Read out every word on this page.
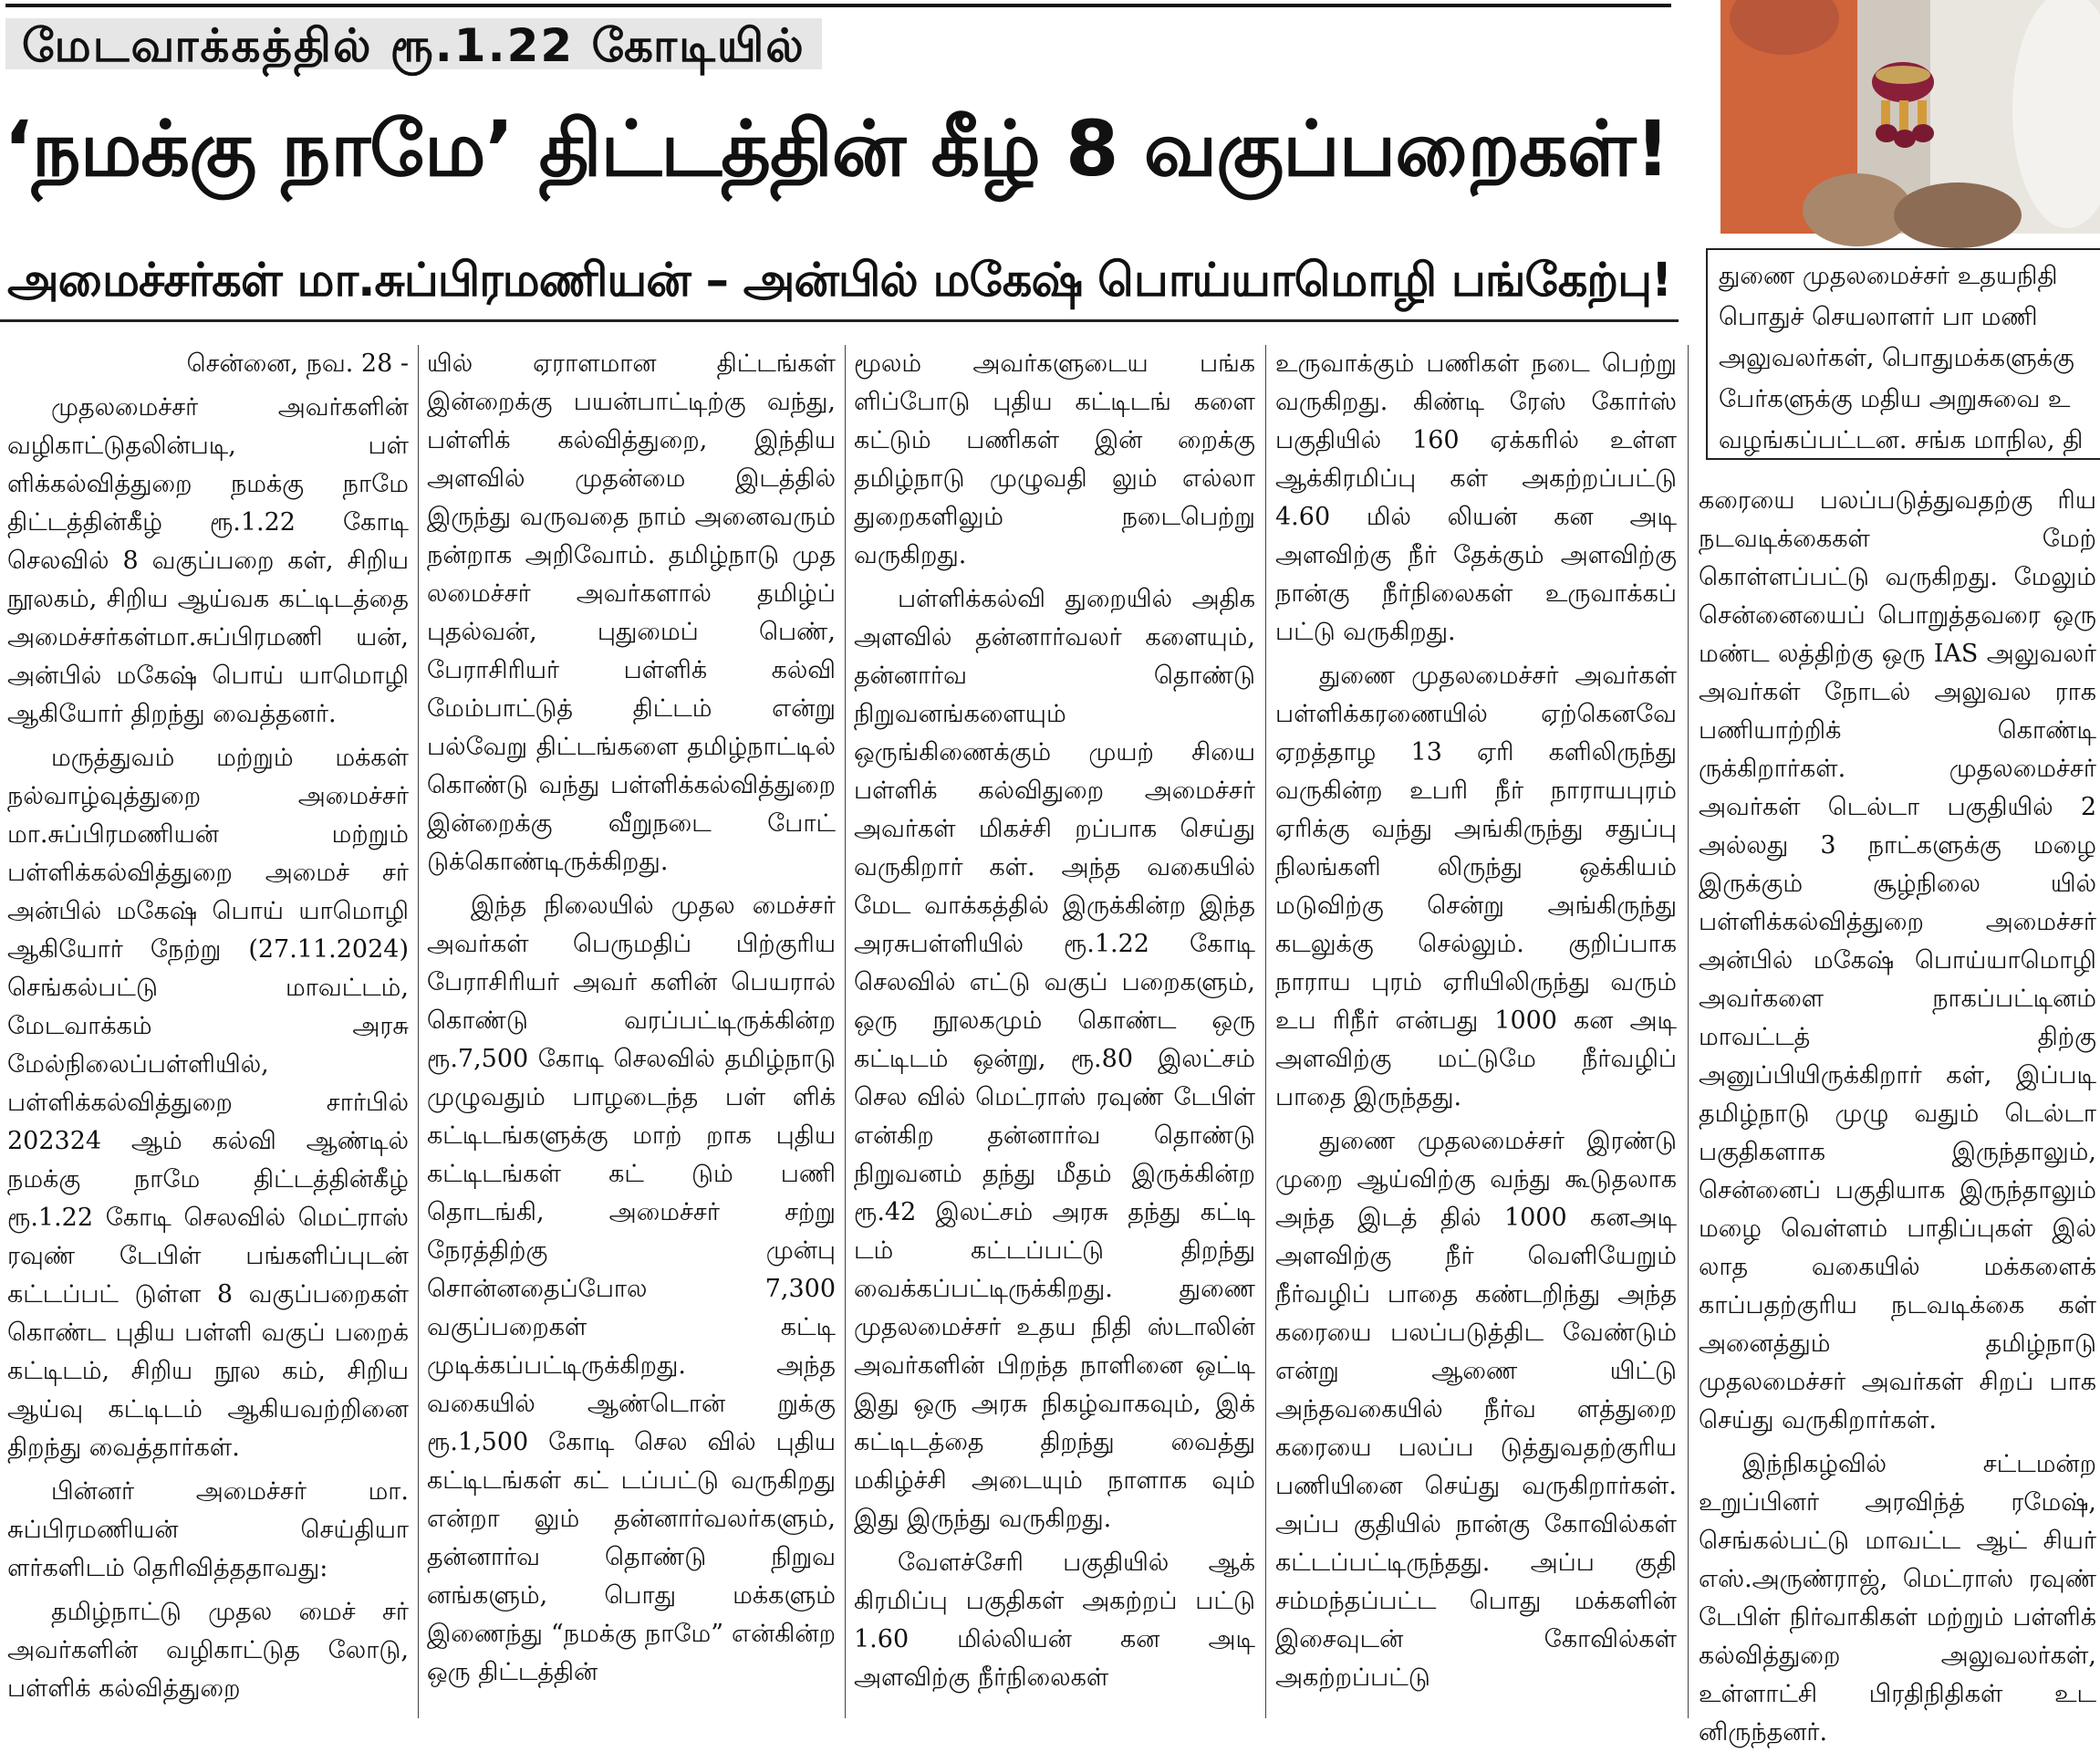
துணை முதலமைச்சர் உதயநிதி
பொதுச் செயலாளர் பா மணி
அலுவலர்கள், பொதுமக்களுக்கு
பேர்களுக்கு மதிய அறுசுவை உ
வழங்கப்பட்டன. சங்க மாநில, தி
மேடவாக்கத்தில் ரூ.1.22 கோடியில்
‘நமக்கு நாமே’ திட்டத்தின் கீழ் 8 வகுப்பறைகள்!
அமைச்சர்கள் மா.சுப்பிரமணியன் – அன்பில் மகேஷ் பொய்யாமொழி பங்கேற்பு!

சென்னை, நவ. 28 -

முதலமைச்சர் அவர்களின் வழிகாட்டுதலின்படி, பள் ளிக்கல்வித்துறை நமக்கு நாமே திட்டத்தின்கீழ் ரூ.1.22 கோடி செலவில் 8 வகுப்பறை கள், சிறிய நூலகம், சிறிய ஆய்வக கட்டிடத்தை அமைச்சர்கள்மா.சுப்பிரமணி யன், அன்பில் மகேஷ் பொய் யாமொழி ஆகியோர் திறந்து வைத்தனர்.

மருத்துவம் மற்றும் மக்கள் நல்வாழ்வுத்துறை அமைச்சர் மா.சுப்பிரமணியன் மற்றும் பள்ளிக்கல்வித்துறை அமைச் சர் அன்பில் மகேஷ் பொய் யாமொழி ஆகியோர் நேற்று (27.11.2024) செங்கல்பட்டு மாவட்டம், மேடவாக்கம் அரசு மேல்நிலைப்பள்ளியில், பள்ளிக்கல்வித்துறை சார்பில் 202324 ஆம் கல்வி ஆண்டில் நமக்கு நாமே திட்டத்தின்கீழ் ரூ.1.22 கோடி செலவில் மெட்ராஸ் ரவுண் டேபிள் பங்களிப்புடன் கட்டப்பட் டுள்ள 8 வகுப்பறைகள் கொண்ட புதிய பள்ளி வகுப் பறைக் கட்டிடம், சிறிய நூல கம், சிறிய ஆய்வு கட்டிடம் ஆகியவற்றினை திறந்து வைத்தார்கள்.

பின்னர் அமைச்சர் மா. சுப்பிரமணியன் செய்தியா ளர்களிடம் தெரிவித்ததாவது:

தமிழ்நாட்டு முதல மைச் சர் அவர்களின் வழிகாட்டுத லோடு, பள்ளிக் கல்வித்துறை

யில் ஏராளமான திட்டங்கள் இன்றைக்கு பயன்பாட்டிற்கு வந்து, பள்ளிக் கல்வித்துறை, இந்திய அளவில் முதன்மை இடத்தில் இருந்து வருவதை நாம் அனைவரும் நன்றாக அறிவோம். தமிழ்நாடு முத லமைச்சர் அவர்களால் தமிழ்ப் புதல்வன், புதுமைப் பெண், பேராசிரியர் பள்ளிக் கல்வி மேம்பாட்டுத் திட்டம் என்று பல்வேறு திட்டங்களை தமிழ்நாட்டில் கொண்டு வந்து பள்ளிக்கல்வித்துறை இன்றைக்கு வீறுநடை போட் டுக்கொண்டிருக்கிறது.

இந்த நிலையில் முதல மைச்சர் அவர்கள் பெருமதிப் பிற்குரிய பேராசிரியர் அவர் களின் பெயரால் கொண்டு வரப்பட்டிருக்கின்ற ரூ.7,500 கோடி செலவில் தமிழ்நாடு முழுவதும் பாழடைந்த பள் ளிக் கட்டிடங்களுக்கு மாற் றாக புதிய கட்டிடங்கள் கட் டும் பணி தொடங்கி, அமைச்சர் சற்று நேரத்திற்கு முன்பு சொன்னதைப்போல 7,300 வகுப்பறைகள் கட்டி முடிக்கப்பட்டிருக்கிறது. அந்த வகையில் ஆண்டொன் றுக்கு ரூ.1,500 கோடி செல வில் புதிய கட்டிடங்கள் கட் டப்பட்டு வருகிறது என்றா லும் தன்னார்வலர்களும், தன்னார்வ தொண்டு நிறுவ னங்களும், பொது மக்களும் இணைந்து “நமக்கு நாமே” என்கின்ற ஒரு திட்டத்தின்

மூலம் அவர்களுடைய பங்க ளிப்போடு புதிய கட்டிடங் களை கட்டும் பணிகள் இன் றைக்கு தமிழ்நாடு முழுவதி லும் எல்லா துறைகளிலும் நடைபெற்று வருகிறது.

பள்ளிக்கல்வி துறையில் அதிக அளவில் தன்னார்வலர் களையும், தன்னார்வ தொண்டு நிறுவனங்களையும் ஒருங்கிணைக்கும் முயற் சியை பள்ளிக் கல்விதுறை அமைச்சர் அவர்கள் மிகச்சி றப்பாக செய்து வருகிறார் கள். அந்த வகையில் மேட வாக்கத்தில் இருக்கின்ற இந்த அரசுபள்ளியில் ரூ.1.22 கோடி செலவில் எட்டு வகுப் பறைகளும், ஒரு நூலகமும் கொண்ட ஒரு கட்டிடம் ஒன்று, ரூ.80 இலட்சம் செல வில் மெட்ராஸ் ரவுண் டேபிள் என்கிற தன்னார்வ தொண்டு நிறுவனம் தந்து மீதம் இருக்கின்ற ரூ.42 இலட்சம் அரசு தந்து கட்டி டம் கட்டப்பட்டு திறந்து வைக்கப்பட்டிருக்கிறது. துணை முதலமைச்சர் உதய நிதி ஸ்டாலின் அவர்களின் பிறந்த நாளினை ஒட்டி இது ஒரு அரசு நிகழ்வாகவும், இக் கட்டிடத்தை திறந்து வைத்து மகிழ்ச்சி அடையும் நாளாக வும் இது இருந்து வருகிறது.

வேளச்சேரி பகுதியில் ஆக் கிரமிப்பு பகுதிகள் அகற்றப் பட்டு 1.60 மில்லியன் கன அடி அளவிற்கு நீர்நிலைகள்

உருவாக்கும் பணிகள் நடை பெற்று வருகிறது. கிண்டி ரேஸ் கோர்ஸ் பகுதியில் 160 ஏக்கரில் உள்ள ஆக்கிரமிப்பு கள் அகற்றப்பட்டு 4.60 மில் லியன் கன அடி அளவிற்கு நீர் தேக்கும் அளவிற்கு நான்கு நீர்நிலைகள் உருவாக்கப் பட்டு வருகிறது.

துணை முதலமைச்சர் அவர்கள் பள்ளிக்கரணையில் ஏற்கெனவே ஏறத்தாழ 13 ஏரி களிலிருந்து வருகின்ற உபரி நீர் நாராயபுரம் ஏரிக்கு வந்து அங்கிருந்து சதுப்பு நிலங்களி லிருந்து ஒக்கியம் மடுவிற்கு சென்று அங்கிருந்து கடலுக்கு செல்லும். குறிப்பாக நாராய புரம் ஏரியிலிருந்து வரும் உப ரிநீர் என்பது 1000 கன அடி அளவிற்கு மட்டுமே நீர்வழிப் பாதை இருந்தது.

துணை முதலமைச்சர் இரண்டு முறை ஆய்விற்கு வந்து கூடுதலாக அந்த இடத் தில் 1000 கனஅடி அளவிற்கு நீர் வெளியேறும் நீர்வழிப் பாதை கண்டறிந்து அந்த கரையை பலப்படுத்திட வேண்டும் என்று ஆணை யிட்டு அந்தவகையில் நீர்வ ளத்துறை கரையை பலப்ப டுத்துவதற்குரிய பணியினை செய்து வருகிறார்கள். அப்ப குதியில் நான்கு கோவில்கள் கட்டப்பட்டிருந்தது. அப்ப குதி சம்மந்தப்பட்ட பொது மக்களின் இசைவுடன் கோவில்கள் அகற்றப்பட்டு

கரையை பலப்படுத்துவதற்கு ரிய நடவடிக்கைகள் மேற் கொள்ளப்பட்டு வருகிறது. மேலும் சென்னையைப் பொறுத்தவரை ஒரு மண்ட லத்திற்கு ஒரு IAS அலுவலர் அவர்கள் நோடல் அலுவல ராக பணியாற்றிக் கொண்டி ருக்கிறார்கள். முதலமைச்சர் அவர்கள் டெல்டா பகுதியில் 2 அல்லது 3 நாட்களுக்கு மழை இருக்கும் சூழ்நிலை யில் பள்ளிக்கல்வித்துறை அமைச்சர் அன்பில் மகேஷ் பொய்யாமொழி அவர்களை நாகப்பட்டினம் மாவட்டத் திற்கு அனுப்பியிருக்கிறார் கள், இப்படி தமிழ்நாடு முழு வதும் டெல்டா பகுதிகளாக இருந்தாலும், சென்னைப் பகுதியாக இருந்தாலும் மழை வெள்ளம் பாதிப்புகள் இல் லாத வகையில் மக்களைக் காப்பதற்குரிய நடவடிக்கை கள் அனைத்தும் தமிழ்நாடு முதலமைச்சர் அவர்கள் சிறப் பாக செய்து வருகிறார்கள்.

இந்நிகழ்வில் சட்டமன்ற உறுப்பினர் அரவிந்த் ரமேஷ், செங்கல்பட்டு மாவட்ட ஆட் சியர் எஸ்.அருண்ராஜ், மெட்ராஸ் ரவுண் டேபிள் நிர்வாகிகள் மற்றும் பள்ளிக் கல்வித்துறை அலுவலர்கள், உள்ளாட்சி பிரதிநிதிகள் உட னிருந்தனர்.
